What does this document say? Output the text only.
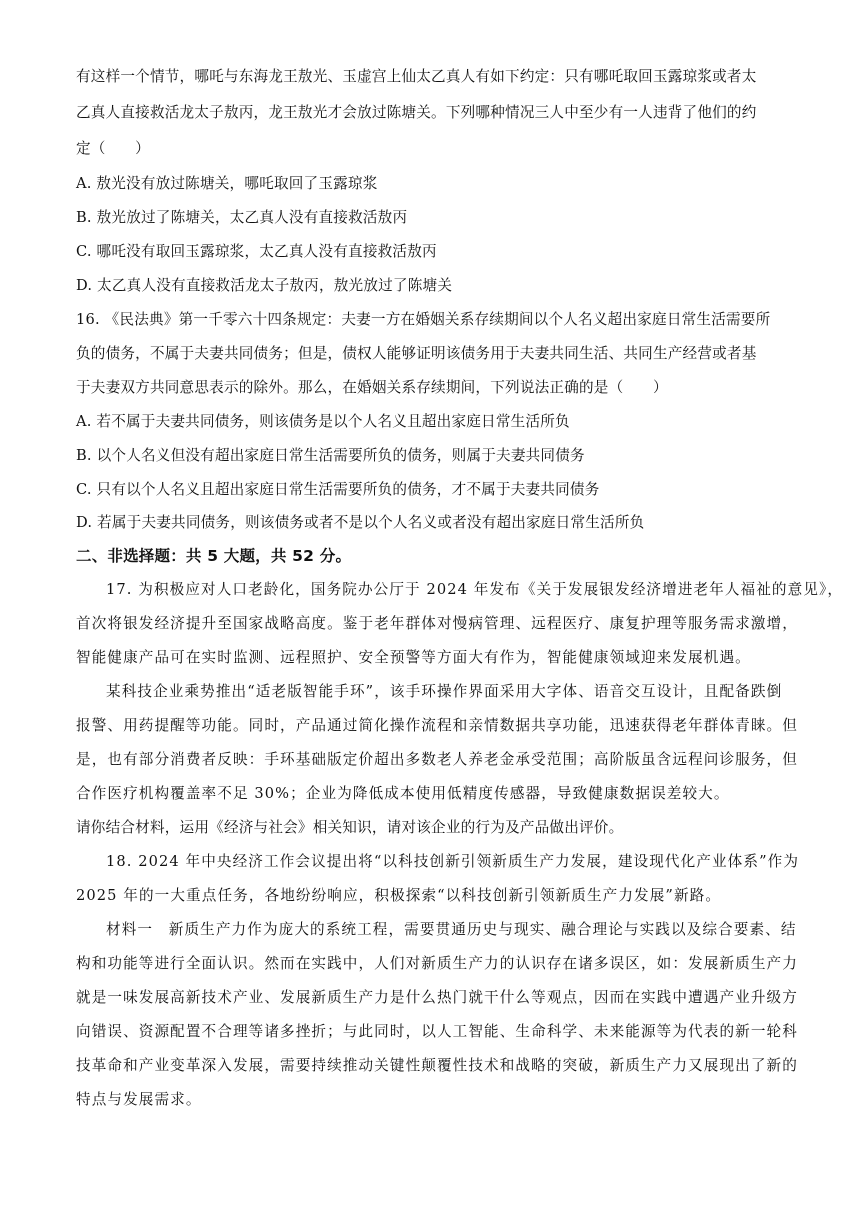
有这样一个情节，哪吒与东海龙王敖光、玉虚宫上仙太乙真人有如下约定：只有哪吒取回玉露琼浆或者太
乙真人直接救活龙太子敖丙，龙王敖光才会放过陈塘关。下列哪种情况三人中至少有一人违背了他们的约
定（　　）
A. 敖光没有放过陈塘关，哪吒取回了玉露琼浆
B. 敖光放过了陈塘关，太乙真人没有直接救活敖丙
C. 哪吒没有取回玉露琼浆，太乙真人没有直接救活敖丙
D. 太乙真人没有直接救活龙太子敖丙，敖光放过了陈塘关
16. 《民法典》第一千零六十四条规定：夫妻一方在婚姻关系存续期间以个人名义超出家庭日常生活需要所
负的债务，不属于夫妻共同债务；但是，债权人能够证明该债务用于夫妻共同生活、共同生产经营或者基
于夫妻双方共同意思表示的除外。那么，在婚姻关系存续期间，下列说法正确的是（　　）
A. 若不属于夫妻共同债务，则该债务是以个人名义且超出家庭日常生活所负
B. 以个人名义但没有超出家庭日常生活需要所负的债务，则属于夫妻共同债务
C. 只有以个人名义且超出家庭日常生活需要所负的债务，才不属于夫妻共同债务
D. 若属于夫妻共同债务，则该债务或者不是以个人名义或者没有超出家庭日常生活所负
二、非选择题：共 5 大题，共 52 分。
17. 为积极应对人口老龄化，国务院办公厅于 2024 年发布《关于发展银发经济增进老年人福祉的意见》，
首次将银发经济提升至国家战略高度。鉴于老年群体对慢病管理、远程医疗、康复护理等服务需求激增，
智能健康产品可在实时监测、远程照护、安全预警等方面大有作为，智能健康领域迎来发展机遇。
某科技企业乘势推出“适老版智能手环”，该手环操作界面采用大字体、语音交互设计，且配备跌倒
报警、用药提醒等功能。同时，产品通过简化操作流程和亲情数据共享功能，迅速获得老年群体青睐。但
是，也有部分消费者反映：手环基础版定价超出多数老人养老金承受范围；高阶版虽含远程问诊服务，但
合作医疗机构覆盖率不足 30%；企业为降低成本使用低精度传感器，导致健康数据误差较大。
请你结合材料，运用《经济与社会》相关知识，请对该企业的行为及产品做出评价。
18. 2024 年中央经济工作会议提出将“以科技创新引领新质生产力发展，建设现代化产业体系”作为
2025 年的一大重点任务，各地纷纷响应，积极探索“以科技创新引领新质生产力发展”新路。
材料一　新质生产力作为庞大的系统工程，需要贯通历史与现实、融合理论与实践以及综合要素、结
构和功能等进行全面认识。然而在实践中，人们对新质生产力的认识存在诸多误区，如：发展新质生产力
就是一味发展高新技术产业、发展新质生产力是什么热门就干什么等观点，因而在实践中遭遇产业升级方
向错误、资源配置不合理等诸多挫折；与此同时，以人工智能、生命科学、未来能源等为代表的新一轮科
技革命和产业变革深入发展，需要持续推动关键性颠覆性技术和战略的突破，新质生产力又展现出了新的
特点与发展需求。
